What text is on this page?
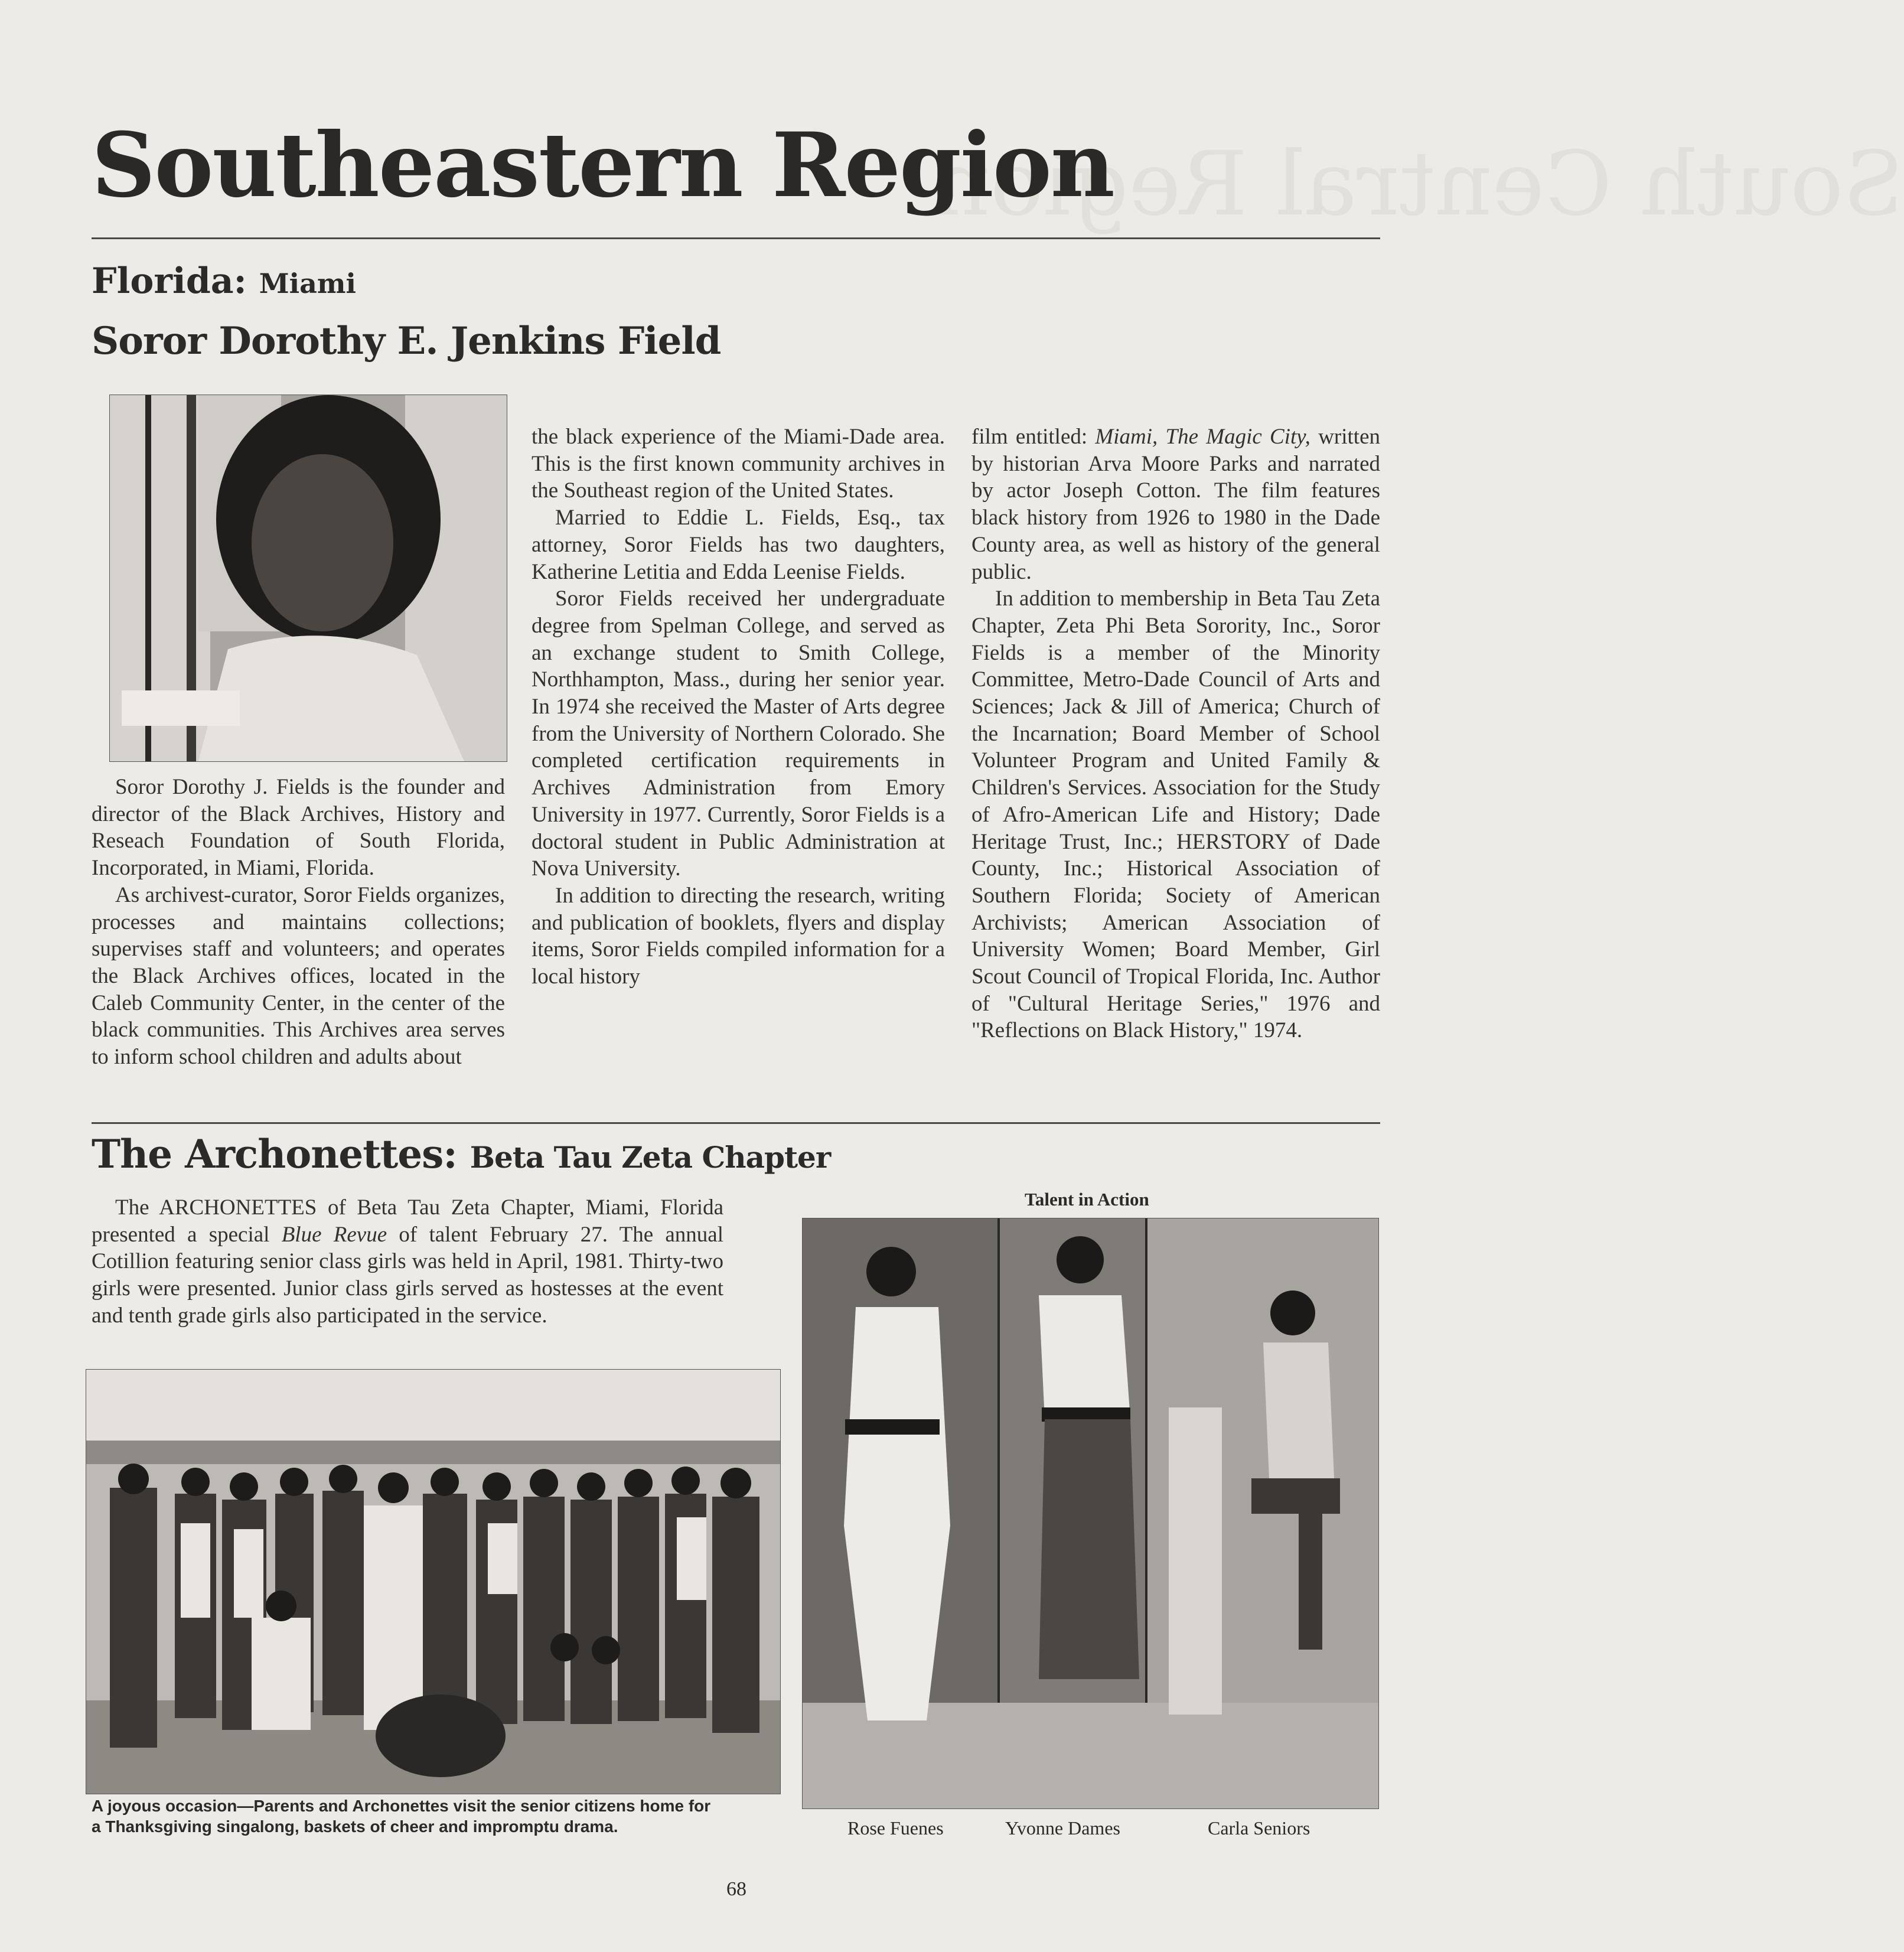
South Central Region
Southeastern Region
Florida: Miami
Soror Dorothy E. Jenkins Field

Soror Dorothy J. Fields is the founder and director of the Black Archives, History and Reseach Foundation of South Florida, Incorporated, in Miami, Florida.

As archivest-curator, Soror Fields organizes, processes and maintains collections; supervises staff and volunteers; and operates the Black Archives offices, located in the Caleb Community Center, in the center of the black communities. This Archives area serves to inform school children and adults about

the black experience of the Miami-Dade area. This is the first known community archives in the Southeast region of the United States.

Married to Eddie L. Fields, Esq., tax attorney, Soror Fields has two daughters, Katherine Letitia and Edda Leenise Fields.

Soror Fields received her undergraduate degree from Spelman College, and served as an exchange student to Smith College, Northhampton, Mass., during her senior year. In 1974 she received the Master of Arts degree from the University of Northern Colorado. She completed certification requirements in Archives Administration from Emory University in 1977. Currently, Soror Fields is a doctoral student in Public Administration at Nova University.

In addition to directing the research, writing and publication of booklets, flyers and display items, Soror Fields compiled information for a local history

film entitled: Miami, The Magic City, written by historian Arva Moore Parks and narrated by actor Joseph Cotton. The film features black history from 1926 to 1980 in the Dade County area, as well as history of the general public.

In addition to membership in Beta Tau Zeta Chapter, Zeta Phi Beta Sorority, Inc., Soror Fields is a member of the Minority Committee, Metro-Dade Council of Arts and Sciences; Jack & Jill of America; Church of the Incarnation; Board Member of School Volunteer Program and United Family & Children's Services. Association for the Study of Afro-American Life and History; Dade Heritage Trust, Inc.; HERSTORY of Dade County, Inc.; Historical Association of Southern Florida; Society of American Archivists; American Association of University Women; Board Member, Girl Scout Council of Tropical Florida, Inc. Author of "Cultural Heritage Series," 1976 and "Reflections on Black History," 1974.

The Archonettes: Beta Tau Zeta Chapter

The ARCHONETTES of Beta Tau Zeta Chapter, Miami, Florida presented a special Blue Revue of talent February 27. The annual Cotillion featuring senior class girls was held in April, 1981. Thirty-two girls were presented. Junior class girls served as hostesses at the event and tenth grade girls also participated in the service.

A joyous occasion—Parents and Archonettes visit the senior citizens home for a Thanksgiving singalong, baskets of cheer and impromptu drama.
Talent in Action
Rose Fuenes	Yvonne Dames	Carla Seniors
68
